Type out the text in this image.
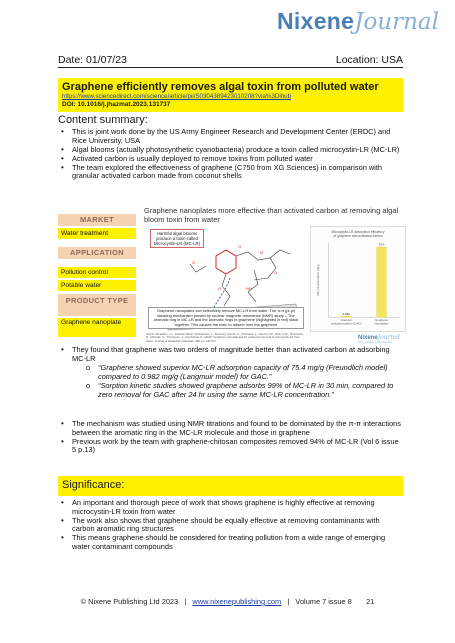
NixeneJournal
Date: 01/07/23	Location: USA
Graphene efficiently removes algal toxin from polluted water
https://www.sciencedirect.com/science/article/pii/S0304389423010208?via%3Dihub
DOI: 10.1016/j.jhazmat.2023.131737
Content summary:
• This is joint work done by the US Army Engineer Research and Development Center (ERDC) and Rice University, USA
• Algal blooms (actually photosynthetic cyanobacteria) produce a toxin called microcystin-LR (MC-LR)
• Activated carbon is usually deployed to remove toxins from polluted water
• The team explored the effectiveness of graphene (C750 from XG Sciences) in comparison with granular activated carbon made from coconut shells
MARKET
Water treatment
APPLICATION
Pollution control
Potable water
PRODUCT TYPE
Graphene nanoplate
Graphene nanoplates more effective than activated carbon at removing algal bloom toxin from water
O
N
O
NH
O
O
Harmful algal blooms produce a toxin called Microcystin-LR (MC-LR)
Graphene nanoplates can selectively remove MC-LR from water. The π-π (pi-pi) stacking mechanism proved by nuclear magnetic resonance (NMR) study – The aromatic ring in MC-LR and the aromatic rings in graphene (highlighted in red) stack together. This causes the toxin to adsorb onto the graphene
Source: Beaulieu, J.J., Jackson-Marie, Schenkman, L., Kennedy, Koontz, A., Parmelee, J., Hanna, P.R., Rice, C.M., Poisuriette, R., Ablizzak, G., Thompson, J., and Ashiya, D. (2023) 'Graphene nanoplatelets for enhanced removal of microcystin-LR from water', Journal of Hazardous Materials, 459, pp. 131737.
Microcystin-LR adsorption efficiency
of graphene and activated carbon
MC-LR adsorption mg/g
0.982
Granular
activated carbon (GAC)
75.4
Graphene
nanoplates
NixeneJournal
The graphene & 2D materials
• They found that graphene was two orders of magnitude better than activated carbon at adsorbing MC-LR
o “Graphene showed superior MC-LR adsorption capacity of 75.4 mg/g (Freundlich model) compared to 0.982 mg/g (Langmuir model) for GAC.”
o “Sorption kinetic studies showed graphene adsorbs 99% of MC-LR in 30 min, compared to zero removal for GAC after 24 hr using the same MC-LR concentration.”
• The mechanism was studied using NMR titrations and found to be dominated by the π-π interactions between the aromatic ring in the MC-LR molecule and those in graphene
• Previous work by the team with graphene-chitosan composites removed 94% of MC-LR (Vol 6 issue 5 p.13)
Significance:
• An important and thorough piece of work that shows graphene is highly effective at removing microcystin-LR toxin from water
• The work also shows that graphene should be equally effective at removing contaminants with carbon aromatic ring structures
• This means graphene should be considered for treating pollution from a wide range of emerging water contaminant compounds
© Nixene Publishing Ltd 2023 | www.nixenepublishing.com | Volume 7 issue 8 21
